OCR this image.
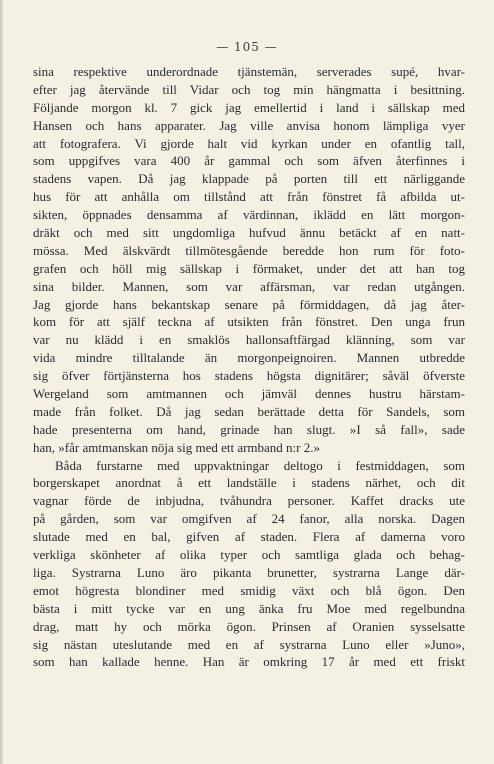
— 105 —
sina respektive underordnade tjänstemän, serverades supé, hvar-
efter jag återvände till Vidar och tog min hängmatta i besittning.
Följande morgon kl. 7 gick jag emellertid i land i sällskap med
Hansen och hans apparater. Jag ville anvisa honom lämpliga vyer
att fotografera. Vi gjorde halt vid kyrkan under en ofantlig tall,
som uppgifves vara 400 år gammal och som äfven återfinnes i
stadens vapen. Då jag klappade på porten till ett närliggande
hus för att anhålla om tillstånd att från fönstret få afbilda ut-
sikten, öppnades densamma af värdinnan, iklädd en lätt morgon-
dräkt och med sitt ungdomliga hufvud ännu betäckt af en natt-
mössa. Med älskvärdt tillmötesgående beredde hon rum för foto-
grafen och höll mig sällskap i förmaket, under det att han tog
sina bilder. Mannen, som var affärsman, var redan utgången.
Jag gjorde hans bekantskap senare på förmiddagen, då jag åter-
kom för att själf teckna af utsikten från fönstret. Den unga frun
var nu klädd i en smaklös hallonsaftfärgad klänning, som var
vida mindre tilltalande än morgonpeignoiren. Mannen utbredde
sig öfver förtjänsterna hos stadens högsta dignitärer; såväl öfverste
Wergeland som amtmannen och jämväl dennes hustru härstam-
made från folket. Då jag sedan berättade detta för Sandels, som
hade presenterna om hand, grinade han slugt. »I så fall», sade
han, »får amtmanskan nöja sig med ett armband n:r 2.»
Båda furstarne med uppvaktningar deltogo i festmiddagen, som
borgerskapet anordnat å ett landställe i stadens närhet, och dit
vagnar förde de inbjudna, tvåhundra personer. Kaffet dracks ute
på gården, som var omgifven af 24 fanor, alla norska. Dagen
slutade med en bal, gifven af staden. Flera af damerna voro
verkliga skönheter af olika typer och samtliga glada och behag-
liga. Systrarna Luno äro pikanta brunetter, systrarna Lange där-
emot högresta blondiner med smidig växt och blå ögon. Den
bästa i mitt tycke var en ung änka fru Moe med regelbundna
drag, matt hy och mörka ögon. Prinsen af Oranien sysselsatte
sig nästan uteslutande med en af systrarna Luno eller »Juno»,
som han kallade henne. Han är omkring 17 år med ett friskt
